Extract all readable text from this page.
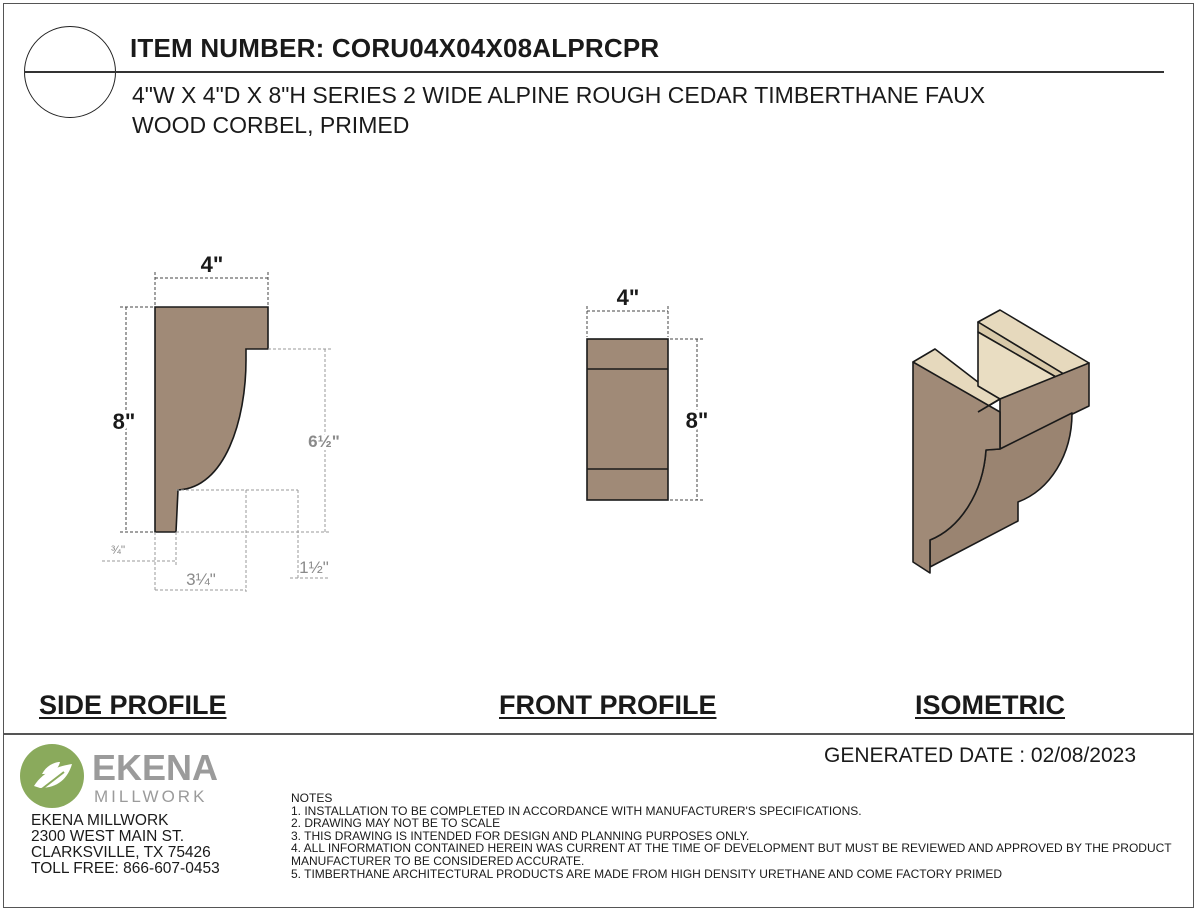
ITEM NUMBER: CORU04X04X08ALPRCPR
4"W X 4"D X 8"H SERIES 2 WIDE ALPINE ROUGH CEDAR TIMBERTHANE FAUX
WOOD CORBEL, PRIMED
4"
8"
6½"
¾"
3¼"
1½"
4"
8"
SIDE PROFILE	FRONT PROFILE	ISOMETRIC
GENERATED DATE : 02/08/2023
EKENA
MILLWORK
EKENA MILLWORK
2300 WEST MAIN ST.
CLARKSVILLE, TX 75426
TOLL FREE: 866-607-0453
NOTES
1. INSTALLATION TO BE COMPLETED IN ACCORDANCE WITH MANUFACTURER'S SPECIFICATIONS.
2. DRAWING MAY NOT BE TO SCALE
3. THIS DRAWING IS INTENDED FOR DESIGN AND PLANNING PURPOSES ONLY.
4. ALL INFORMATION CONTAINED HEREIN WAS CURRENT AT THE TIME OF DEVELOPMENT BUT MUST BE REVIEWED AND APPROVED BY THE PRODUCT MANUFACTURER TO BE CONSIDERED ACCURATE.
5. TIMBERTHANE ARCHITECTURAL PRODUCTS ARE MADE FROM HIGH DENSITY URETHANE AND COME FACTORY PRIMED
